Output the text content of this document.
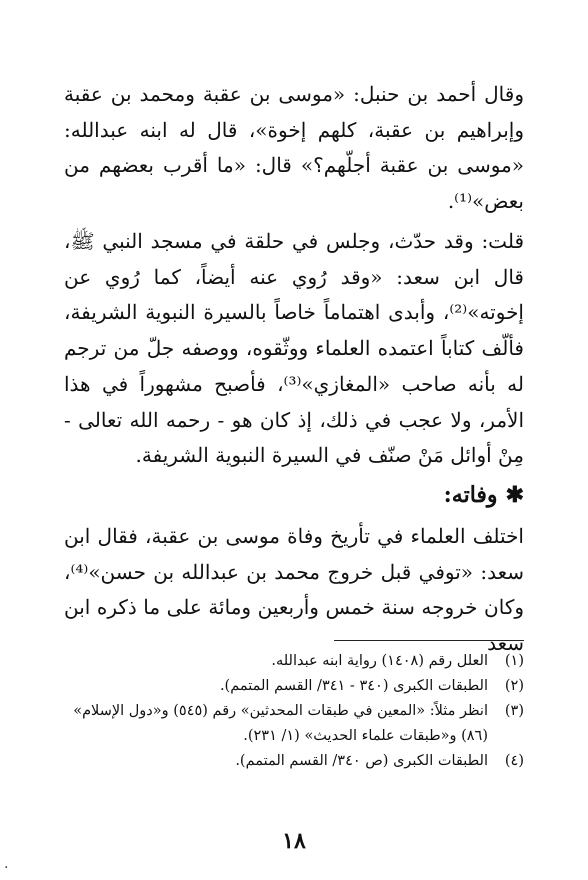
وقال أحمد بن حنبل: «موسى بن عقبة ومحمد بن عقبة وإبراهيم بن عقبة، كلهم إخوة»، قال له ابنه عبدالله: «موسى بن عقبة أجلّهم؟» قال: «ما أقرب بعضهم من بعض»⁽¹⁾.
قلت: وقد حدّث، وجلس في حلقة في مسجد النبي ﷺ، قال ابن سعد: «وقد رُوي عنه أيضاً، كما رُوي عن إخوته»⁽²⁾، وأبدى اهتماماً خاصاً بالسيرة النبوية الشريفة، فألّف كتاباً اعتمده العلماء ووثّقوه، ووصفه جلّ من ترجم له بأنه صاحب «المغازي»⁽³⁾، فأصبح مشهوراً في هذا الأمر، ولا عجب في ذلك، إذ كان هو - رحمه الله تعالى - مِنْ أوائل مَنْ صنّف في السيرة النبوية الشريفة.
✱وفاته:
اختلف العلماء في تأريخ وفاة موسى بن عقبة، فقال ابن سعد: «توفي قبل خروج محمد بن عبدالله بن حسن»⁽⁴⁾، وكان خروجه سنة خمس وأربعين ومائة على ما ذكره ابن سعد
(١)
العلل رقم (١٤٠٨) رواية ابنه عبدالله.
(٢)
الطبقات الكبرى (٣٤٠ - ٣٤١/ القسم المتمم).
(٣)
انظر مثلاً: «المعين في طبقات المحدثين» رقم (٥٤٥) و«دول الإسلام» (٨٦) و«طبقات علماء الحديث» (١/ ٢٣١).
(٤)
الطبقات الكبرى (ص ٣٤٠/ القسم المتمم).
١٨
.
